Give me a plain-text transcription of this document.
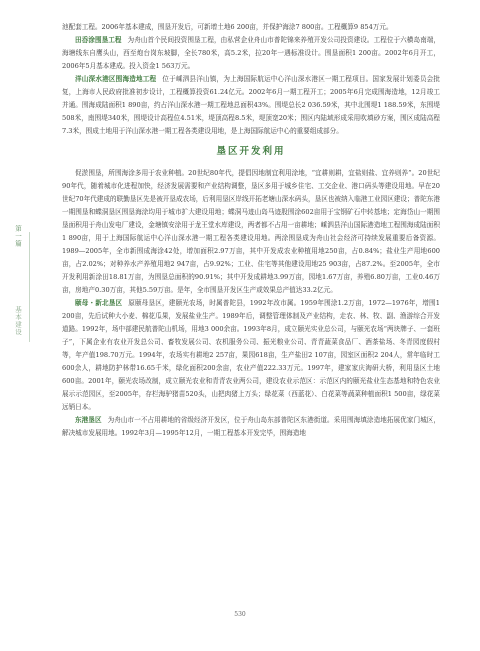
第一篇
基本建设

池配套工程。2006年基本建成，围垦开发后，可新增土地6 200亩，并保护海涂7 800亩。工程概算9 854万元。

田岙涂围垦工程 为舟山首个民间投资围垦工程，由私营企业舟山市普陀锦来养殖开发公司投资建设。工程位于六横岛南端，海塘线东自鹰头山，西至炮台岗东坡脚，全长780米，高5.2米，拉20年一遇标准设计。围垦面积1 200亩。2002年6月开工，2006年5月基本建成。投入资金1 563万元。

洋山深水港区围海造地工程 位于嵊泗县洋山镇，为上海国际航运中心洋山深水港区一期工程项目。国家发展计划委员会批复，上海市人民政府批准初步设计，工程概算投资61.24亿元。2002年6月一期工程开工；2005年6月完成围海造地，12月竣工并通。围海成陆面积1 890亩，约占洋山深水港一期工程地总面积43%。围堤总长2 036.59米，其中北围堤1 188.59米，东围堤508米，南围堤340米，围堤设计高程位4.51米，堤顶高程8.5米，堤顶宽20米；围区内陆域形成采用吹填砂方案，围区成陆高程7.3米，围成土地用于洋山深水港一期工程各类建设用地，是上海国际航运中心的重要组成部分。

垦区开发利用

促淤围垦，所围海涂多用于农业种植。20世纪80年代，提倡因地制宜利用涂地，“宜耕则耕，宜盐则盐、宜养则养”。20世纪90年代，随着城市化进程加快，经济发展需要和产业结构调整，垦区多用于城乡住宅、工交企业、港口码头等建设用地。早在20世纪70年代建成的联勤垦区先是被开垦成农场，后利用垦区岸线开拓老塘山深水码头，垦区也被纳入临港工业园区建设；普陀东港一期围垦和蝶洞垦区围垦海涂均用于城市扩大建设用地；蝶洞马迹山岛马迹股围涂602亩用于宝钢矿石中转基地；定海岱山一期围垦面积用于舟山发电厂建设，金塘镇安涂用于龙王堂水库建设，两者都不占用一亩耕地；嵊泗县洋山国际港造地工程围海成陆面积1 890亩，用于上海国际航运中心洋山深水港一期工程各类建设用地。两涂围垦成为舟山社会经济可持续发展重要后备资源。1989—2005年，全市新围成海涂42处，增加面积2.97万亩，其中开发成农业种植用地250亩，占0.84%；盐业生产用地600亩，占2.02%；对种养水产养殖用地2 947亩，占9.92%；工业、住宅等其他建设用地25 903亩，占87.2%。至2005年，全市开发利用新涂田18.81万亩，为围垦总面积的90.91%；其中开发成耕地3.99万亩，园地1.67万亩，养殖6.80万亩，工业0.46万亩，房地产0.30万亩，其他5.59万亩。是年，全市围垦开发区生产或效果总产值达33.2亿元。

颐母・新北垦区 原颐母垦区，建颐光农场，时属普陀县，1992年改市属。1959年围涂1.2万亩，1972—1976年，增围1 200亩，先后试种大小麦、棉花瓜果，发展盐业生产。1989年后，调整管理体制及产业结构，走农、林、牧、副、渔游综合开发道路。1992年，场中部建民航普陀山机场，用地3 000余亩。1993年8月，成立颐光实业总公司，与颐光农场“两块牌子、一套班子”，下属企业有农业开发总公司、畜牧发展公司、农机服务公司、振光粮业公司、青青蔬菜食品厂、酒茶盐场、冬青园度假村等，年产值198.70万元。1994年，农场实有耕地2 257亩，果园618亩，生产盐田2 107亩，园室区面积2 204人，常年临时工600余人，耕地防护林带16.65千米，绿化面积200余亩，农业产值222.33万元。1997年，建家家庆淘研大桥，利用垦区土地600亩。2001年，颐光农场改制，成立颐光农业和青青农业两公司，建设农业示范区：示范区内的颐光盐业生态基地和特色农业展示示范园区，至2005年，存栏海驴猪苗520头，山把肉猪上万头；绿花菜（西蓝花）、白花菜等蔬菜种植面积1 500亩，绿花菜远销日本。

东港垦区 为舟山市一不占用耕地的省级经济开发区，位于舟山岛东部普陀区东港街道。采用围海填涂造地拓展优家门城区，解决城市发展用地。1992年3月—1995年12月，一期工程基本开发完毕，围海造地

530
